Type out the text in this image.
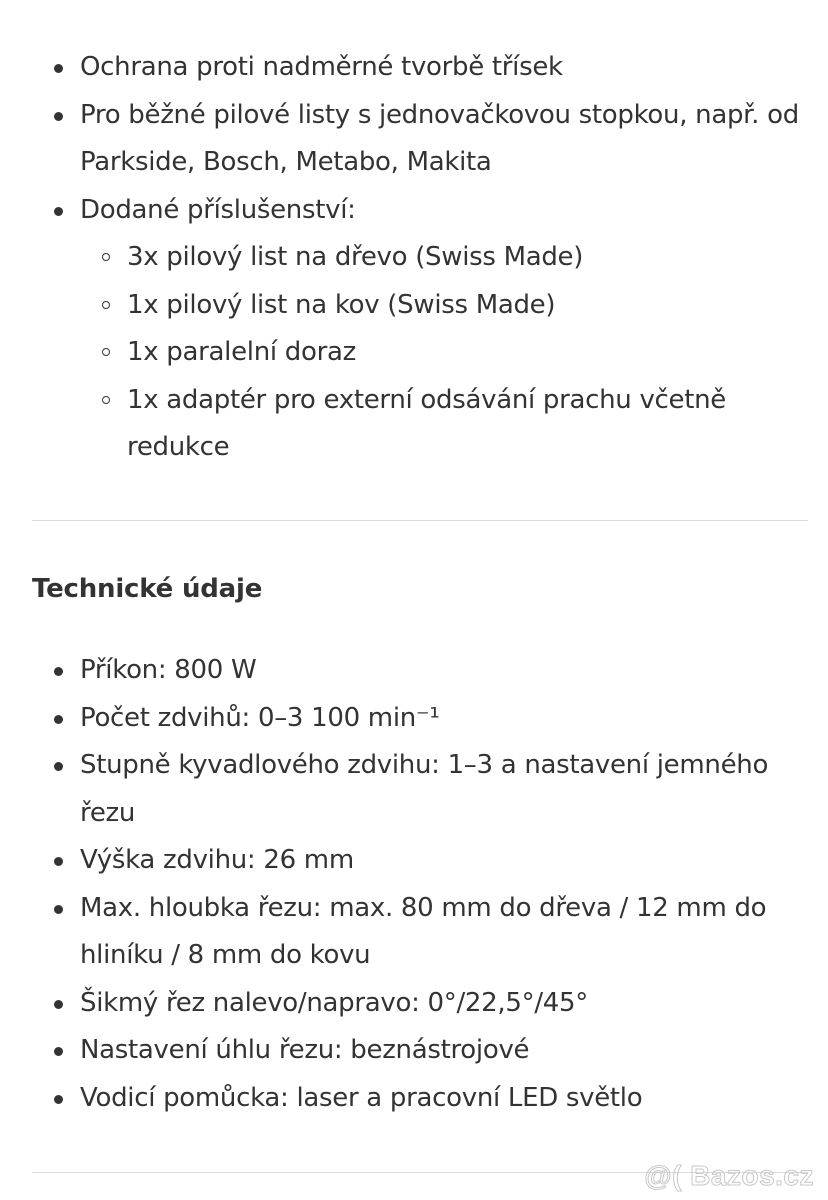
Ochrana proti nadměrné tvorbě třísek
Pro běžné pilové listy s jednovačkovou stopkou, např. od Parkside, Bosch, Metabo, Makita
Dodané příslušenství:
3x pilový list na dřevo (Swiss Made)
1x pilový list na kov (Swiss Made)
1x paralelní doraz
1x adaptér pro externí odsávání prachu včetně redukce
Technické údaje
Příkon: 800 W
Počet zdvihů: 0–3 100 min⁻¹
Stupně kyvadlového zdvihu: 1–3 a nastavení jemného řezu
Výška zdvihu: 26 mm
Max. hloubka řezu: max. 80 mm do dřeva / 12 mm do hliníku / 8 mm do kovu
Šikmý řez nalevo/napravo: 0°/22,5°/45°
Nastavení úhlu řezu: beznástrojové
Vodicí pomůcka: laser a pracovní LED světlo
@( Bazos.cz
